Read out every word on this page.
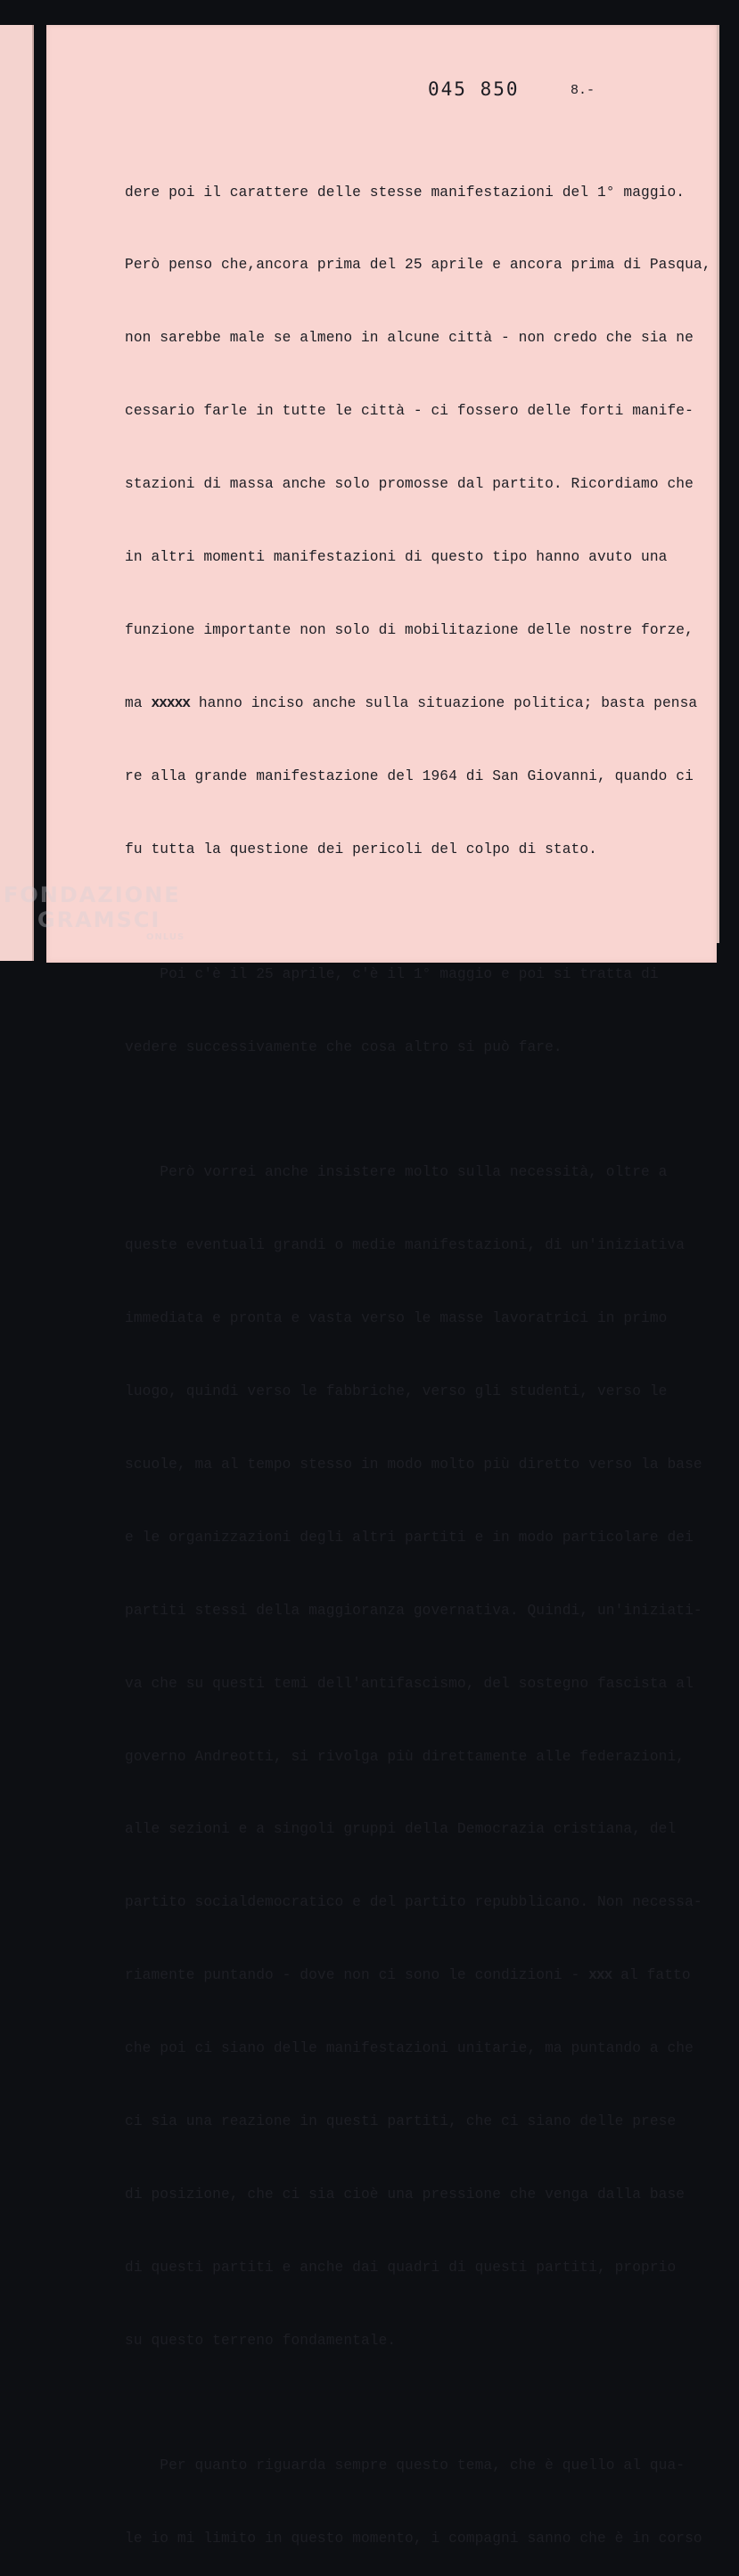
045 850	8.-

dere poi il carattere delle stesse manifestazioni del 1° maggio.

Però penso che,ancora prima del 25 aprile e ancora prima di Pasqua,

non sarebbe male se almeno in alcune città - non credo che sia ne

cessario farle in tutte le città - ci fossero delle forti manife-

stazioni di massa anche solo promosse dal partito. Ricordiamo che

in altri momenti manifestazioni di questo tipo hanno avuto una

funzione importante non solo di mobilitazione delle nostre forze,

ma xxxxx hanno inciso anche sulla situazione politica; basta pensa

re alla grande manifestazione del 1964 di San Giovanni, quando ci

fu tutta la questione dei pericoli del colpo di stato.

Poi c'è il 25 aprile, c'è il 1° maggio e poi si tratta di

vedere successivamente che cosa altro si può fare.

Però vorrei anche insistere molto sulla necessità, oltre a

queste eventuali grandi o medie manifestazioni, di un'iniziativa

immediata e pronta e vasta verso le masse lavoratrici in primo

luogo, quindi verso le fabbriche, verso gli studenti, verso le

scuole, ma al tempo stesso in modo molto più diretto verso la base

e le organizzazioni degli altri partiti e in modo particolare dei

partiti stessi della maggioranza governativa. Quindi, un'iniziati-

va che su questi temi dell'antifascismo, del sostegno fascista al

governo Andreotti, si rivolga più direttamente alle federazioni,

alle sezioni e a singoli gruppi della Democrazia cristiana, del

partito socialdemocratico e del partito repubblicano. Non necessa-

riamente puntando - dove non ci sono le condizioni - xxx al fatto

che poi ci siano delle manifestazioni unitarie, ma puntando a che

ci sia una reazione in questi partiti, che ci siano delle prese

di posizione, che ci sia cioè una pressione che venga dalla base

di questi partiti e anche dai quadri di questi partiti, proprio

su questo terreno fondamentale.

Per quanto riguarda sempre questo tema, che è quello al qua-

le io mi limito in questo momento, i compagni sanno che è in corso

FONDAZIONE
GRAMSCI
ONLUS
